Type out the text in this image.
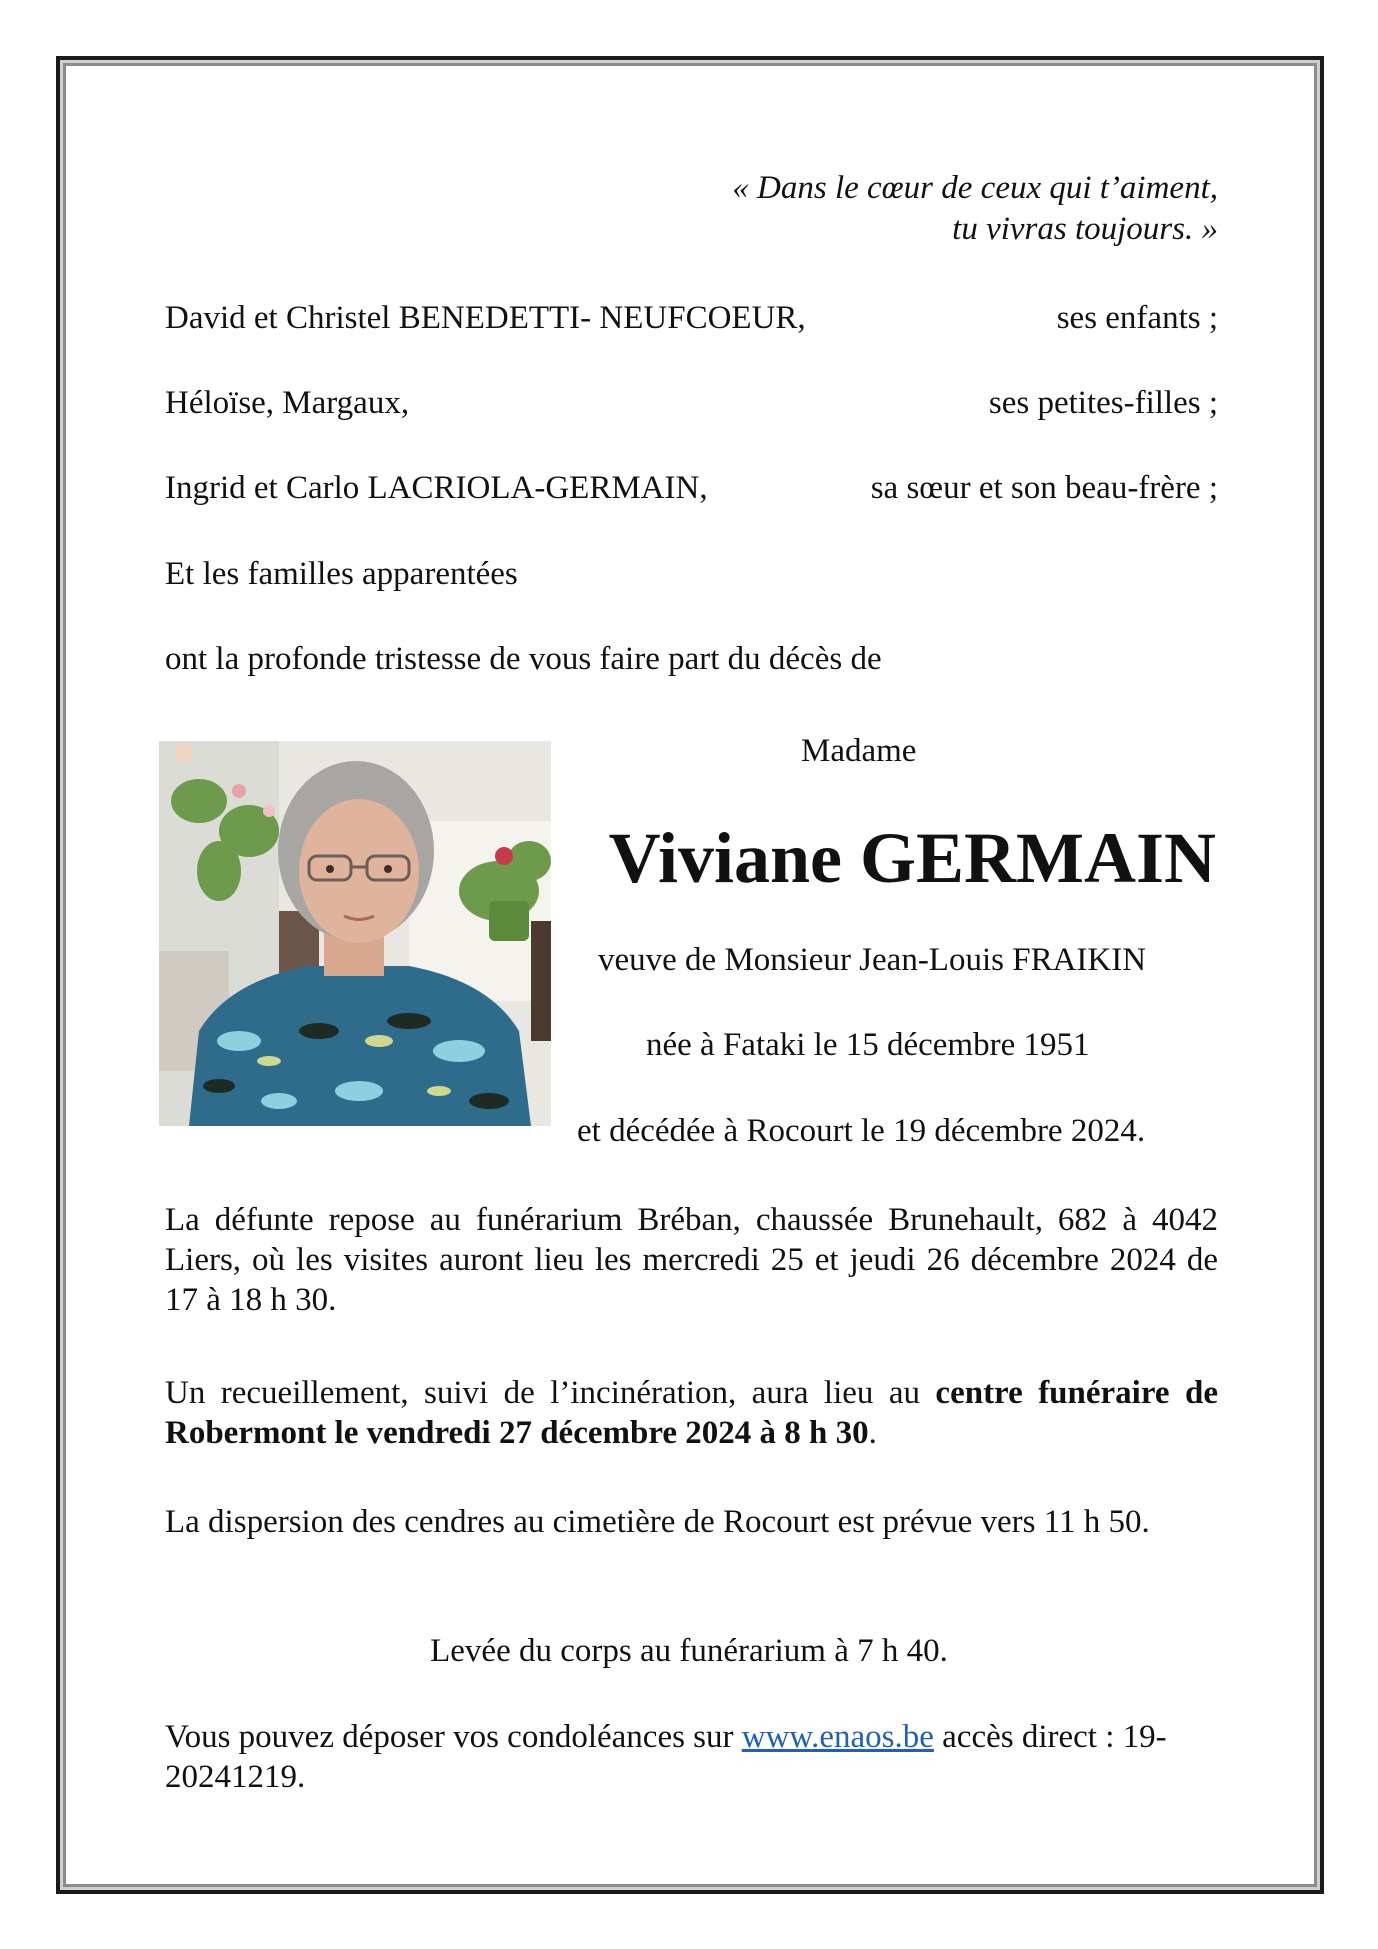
« Dans le cœur de ceux qui t’aiment,
tu vivras toujours. »
David et Christel BENEDETTI- NEUFCOEUR,	ses enfants ;
Héloïse, Margaux,	ses petites-filles ;
Ingrid et Carlo LACRIOLA-GERMAIN,	sa sœur et son beau-frère ;
Et les familles apparentées
ont la profonde tristesse de vous faire part du décès de
Madame
Viviane GERMAIN
veuve de Monsieur Jean-Louis FRAIKIN
née à Fataki le 15 décembre 1951
et décédée à Rocourt le 19 décembre 2024.
La défunte repose au funérarium Bréban, chaussée Brunehault, 682 à 4042 Liers, où les visites auront lieu les mercredi 25 et jeudi 26 décembre 2024 de 17 à 18 h 30.
Un recueillement, suivi de l’incinération, aura lieu au centre funéraire de Robermont le vendredi 27 décembre 2024 à 8 h 30.
La dispersion des cendres au cimetière de Rocourt est prévue vers 11 h 50.
Levée du corps au funérarium à 7 h 40.
Vous pouvez déposer vos condoléances sur www.enaos.be accès direct : 19-20241219.
